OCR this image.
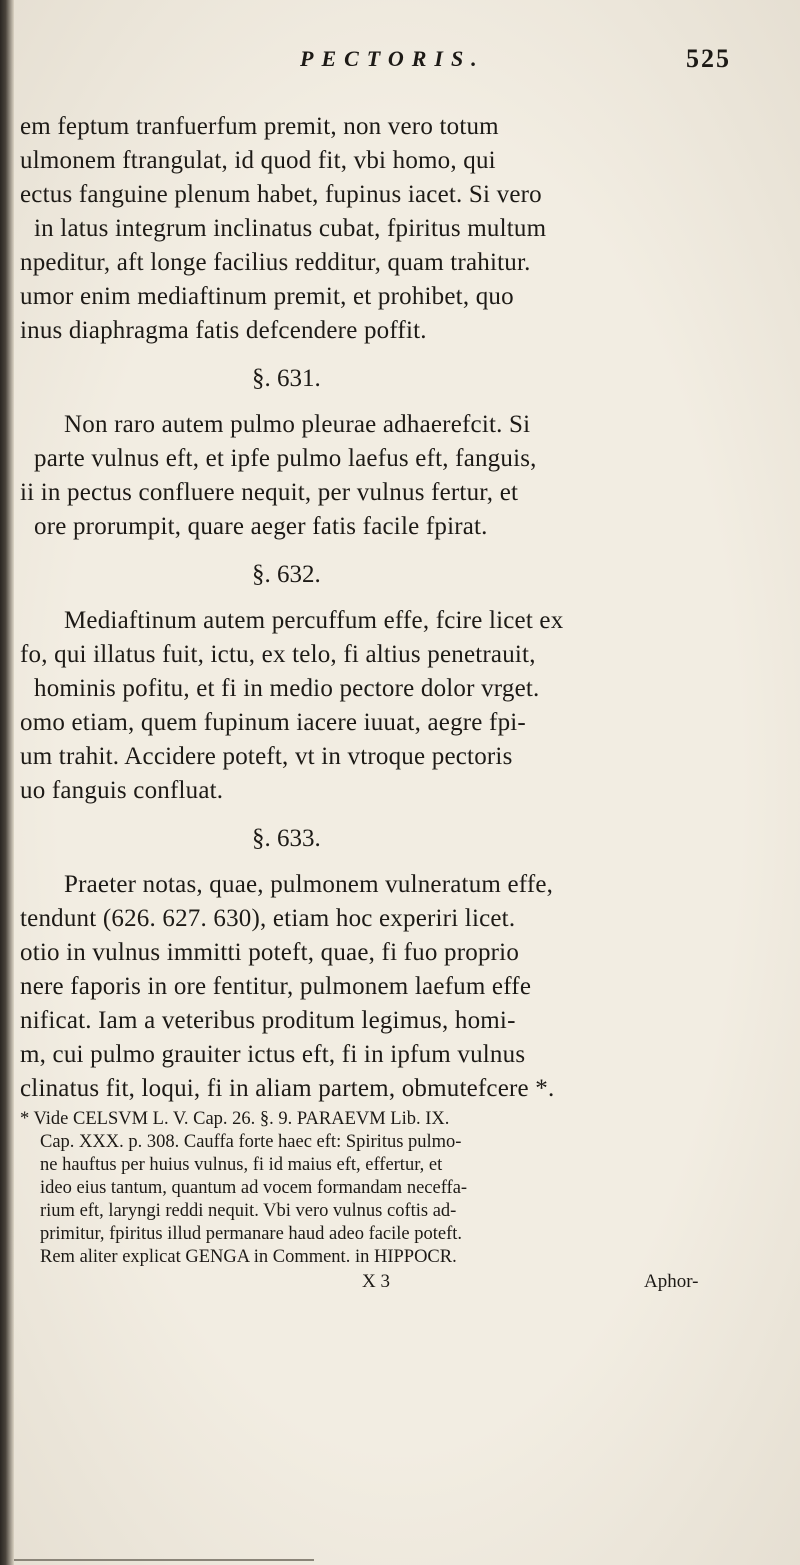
PECTORIS.	525
em feptum tranfuerfum premit, non vero totum
ulmonem ftrangulat, id quod fit, vbi homo, qui
ectus fanguine plenum habet, fupinus iacet. Si vero
in latus integrum inclinatus cubat, fpiritus multum
npeditur, aft longe facilius redditur, quam trahitur.
umor enim mediaftinum premit, et prohibet, quo
inus diaphragma fatis defcendere poffit.
§. 631.
Non raro autem pulmo pleurae adhaerefcit. Si
parte vulnus eft, et ipfe pulmo laefus eft, fanguis,
ii in pectus confluere nequit, per vulnus fertur, et
ore prorumpit, quare aeger fatis facile fpirat.
§. 632.
Mediaftinum autem percuffum effe, fcire licet ex
fo, qui illatus fuit, ictu, ex telo, fi altius penetrauit,
hominis pofitu, et fi in medio pectore dolor vrget.
omo etiam, quem fupinum iacere iuuat, aegre fpi-
um trahit. Accidere poteft, vt in vtroque pectoris
uo fanguis confluat.
§. 633.
Praeter notas, quae, pulmonem vulneratum effe,
tendunt (626. 627. 630), etiam hoc experiri licet.
otio in vulnus immitti poteft, quae, fi fuo proprio
nere faporis in ore fentitur, pulmonem laefum effe
nificat. Iam a veteribus proditum legimus, homi-
m, cui pulmo grauiter ictus eft, fi in ipfum vulnus
clinatus fit, loqui, fi in aliam partem, obmutefcere *.
* Vide CELSVM L. V. Cap. 26. §. 9. PARAEVM Lib. IX.
Cap. XXX. p. 308. Cauffa forte haec eft: Spiritus pulmo-
ne hauftus per huius vulnus, fi id maius eft, effertur, et
ideo eius tantum, quantum ad vocem formandam neceffa-
rium eft, laryngi reddi nequit. Vbi vero vulnus coftis ad-
primitur, fpiritus illud permanare haud adeo facile poteft.
Rem aliter explicat GENGA in Comment. in HIPPOCR.
X 3	Aphor-
